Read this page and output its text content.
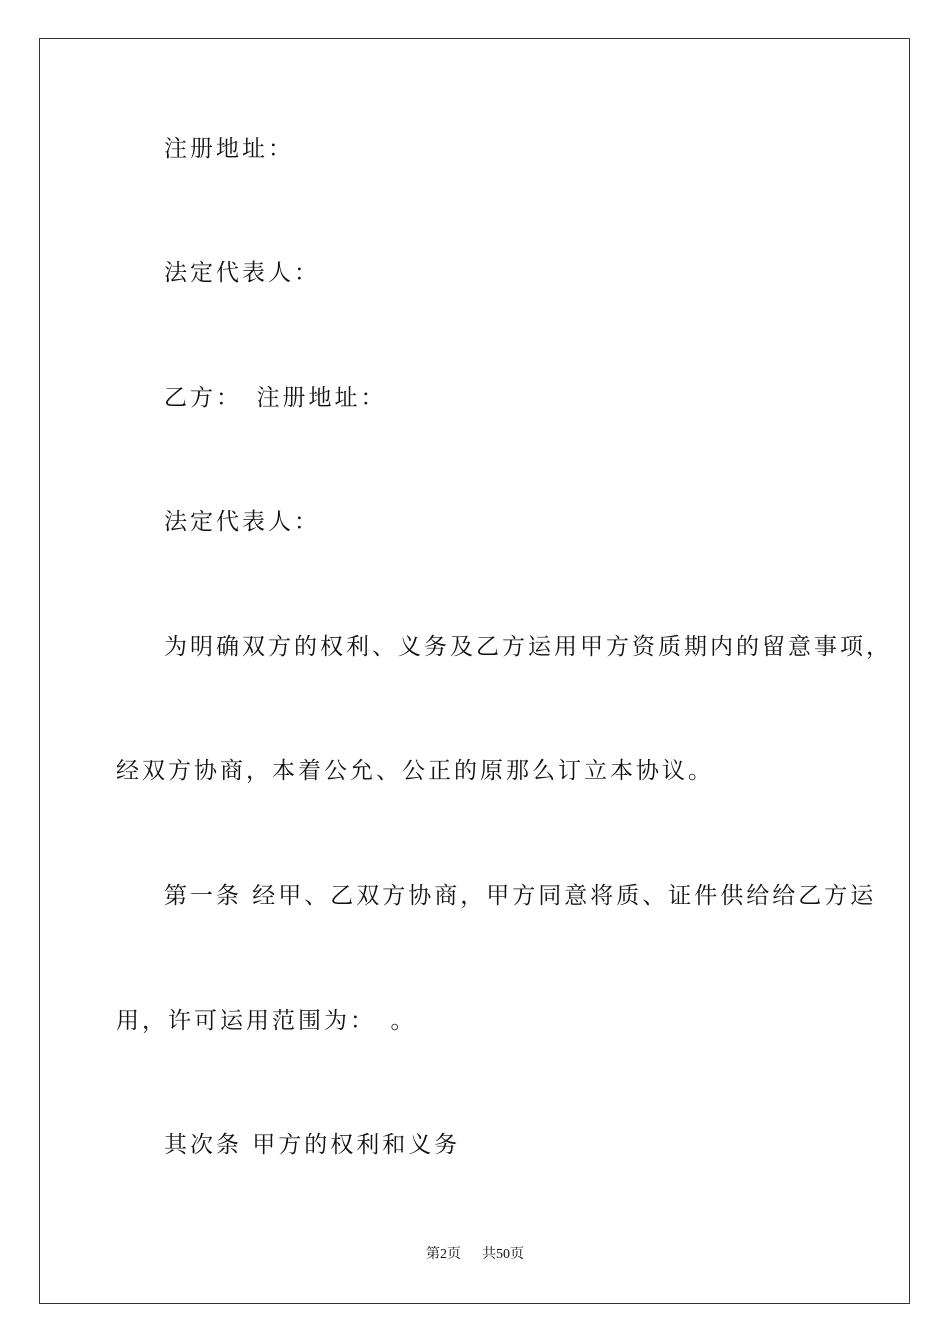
注册地址：
法定代表人：
乙方：　注册地址：
法定代表人：
为明确双方的权利、义务及乙方运用甲方资质期内的留意事项，
经双方协商，本着公允、公正的原那么订立本协议。
第一条 经甲、乙双方协商，甲方同意将质、证件供给给乙方运
用，许可运用范围为：　。
其次条 甲方的权利和义务
第2页 共50页
